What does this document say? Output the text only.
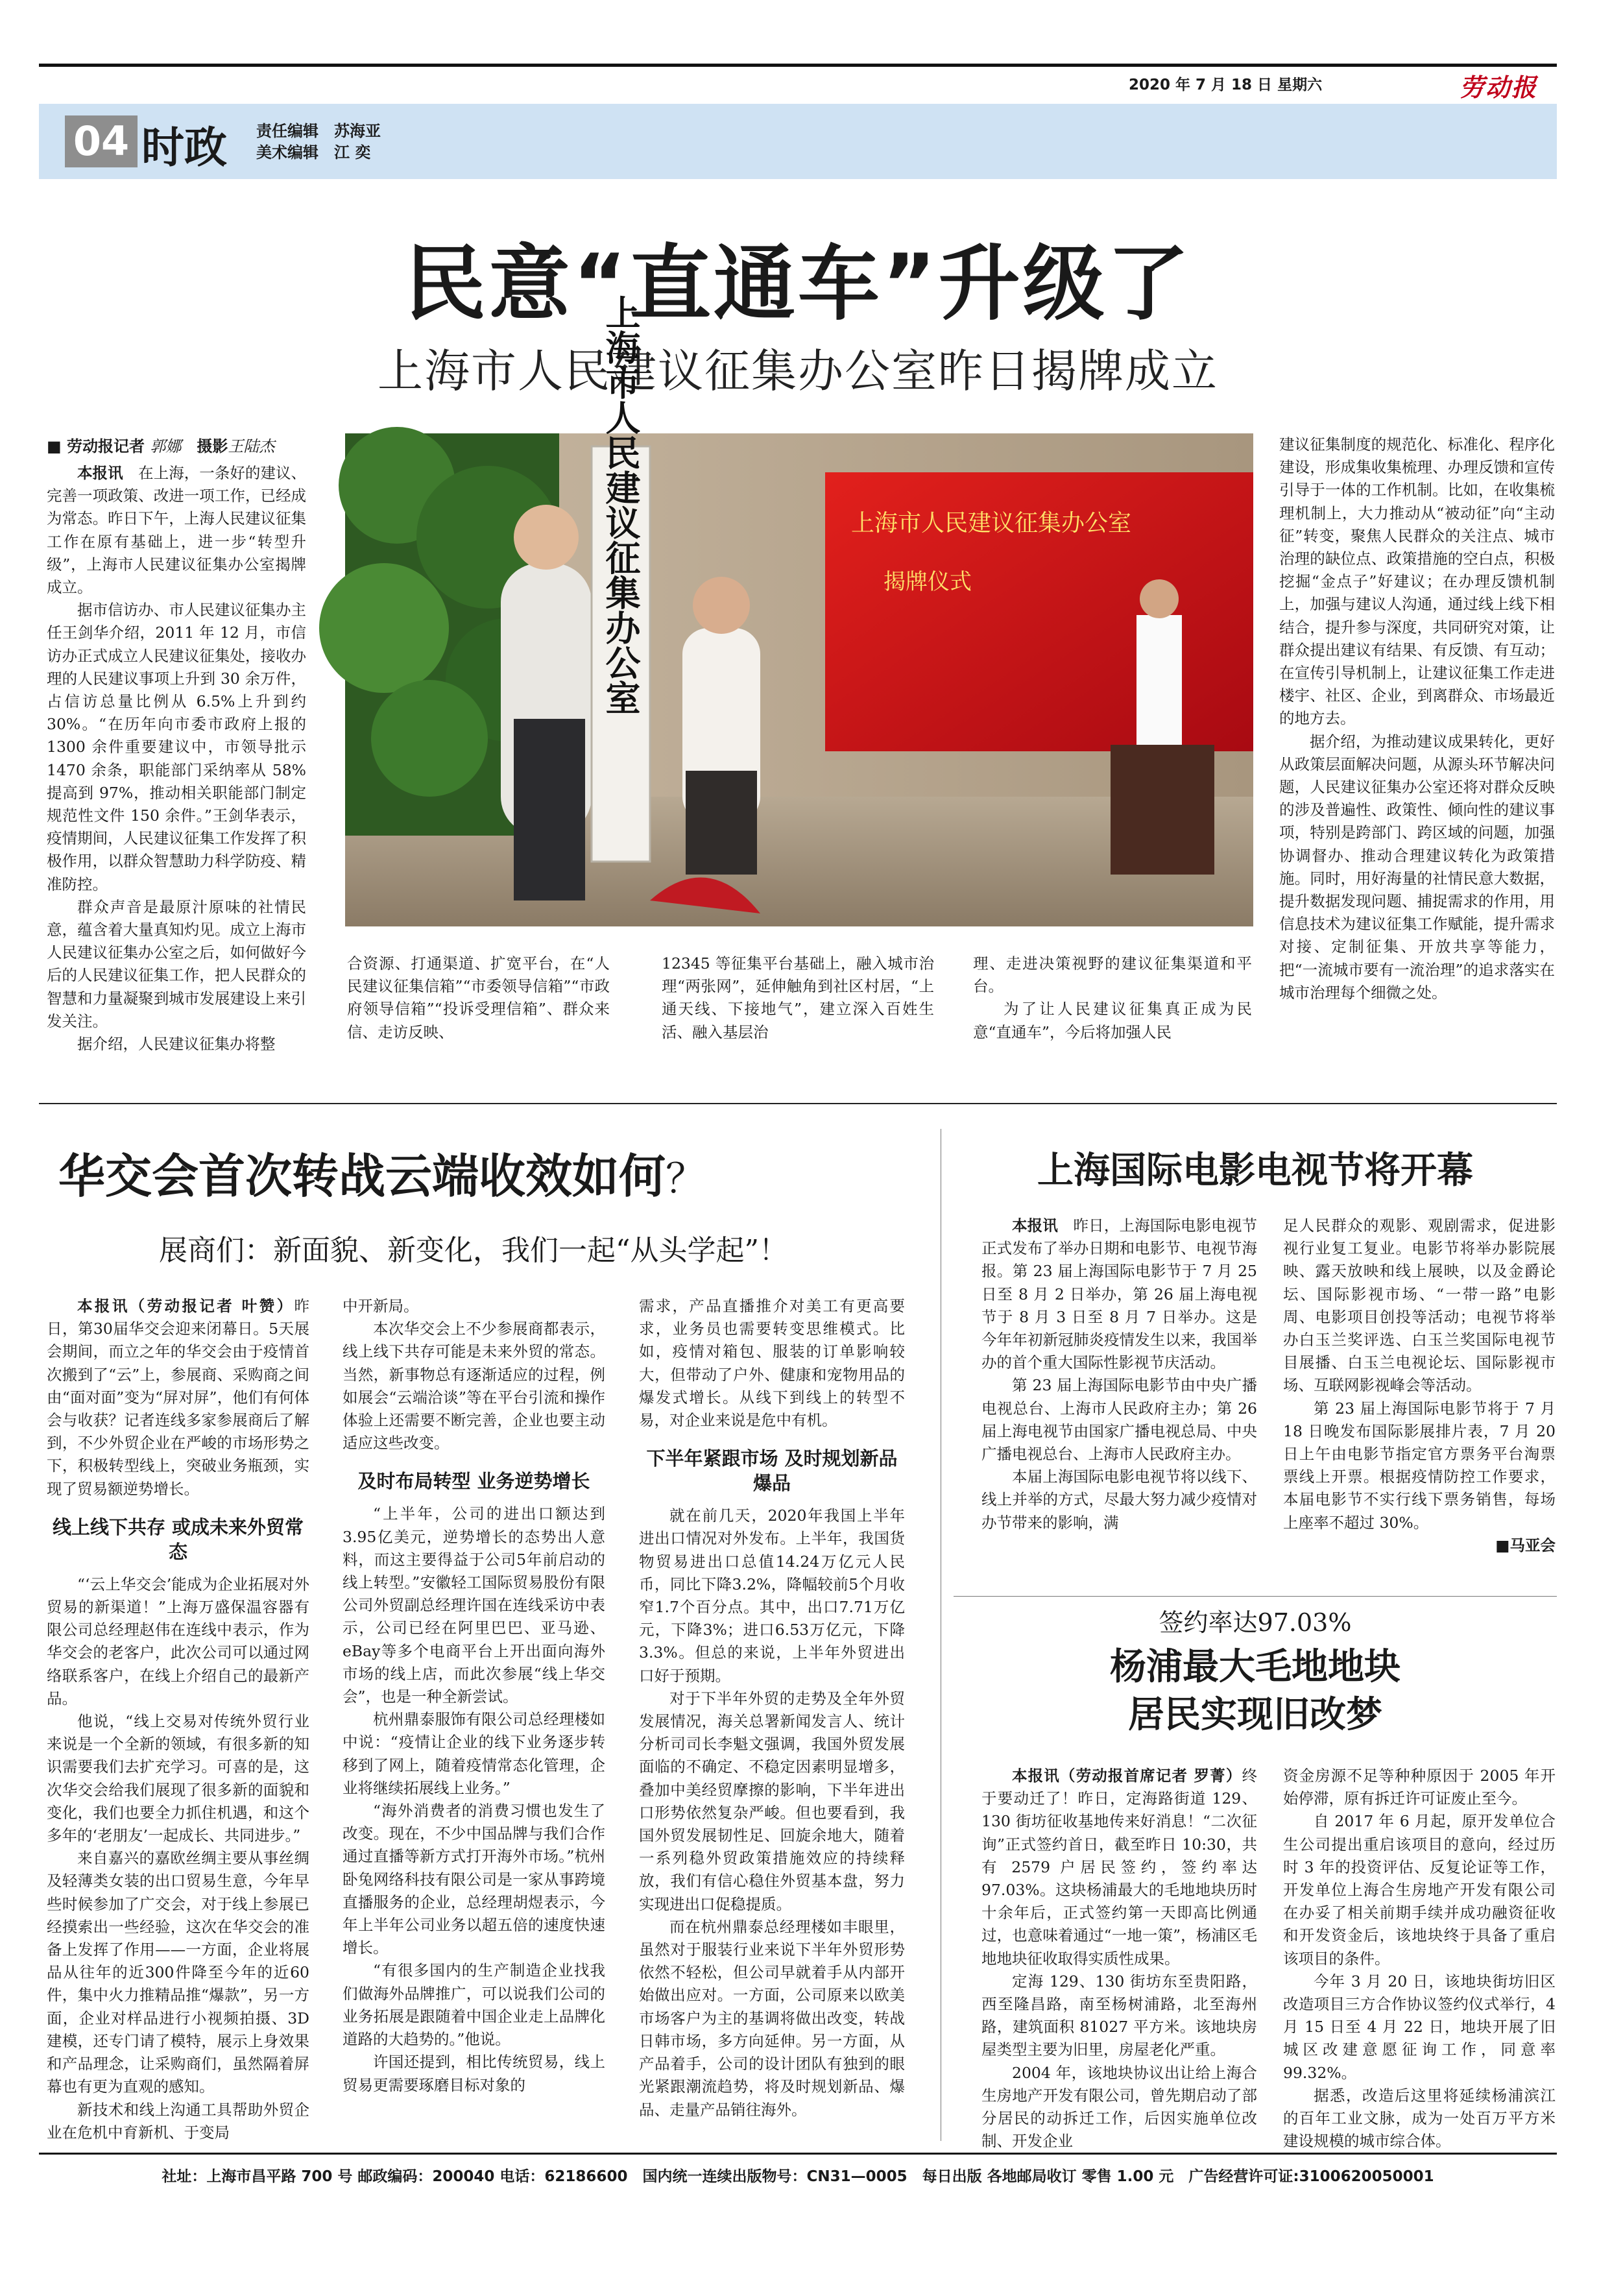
2020 年 7 月 18 日 星期六	劳动报
04 时政 责任编辑　 苏海亚
美术编辑　 江 奕
民意“直通车”升级了
上海市人民建议征集办公室昨日揭牌成立
■ 劳动报记者 郭娜　 摄影王陆杰

本报讯　 在上海，一条好的建议、完善一项政策、改进一项工作，已经成为常态。昨日下午，上海人民建议征集工作在原有基础上，进一步“转型升级”，上海市人民建议征集办公室揭牌成立。

据市信访办、市人民建议征集办主任王剑华介绍，2011 年 12 月，市信访办正式成立人民建议征集处，接收办理的人民建议事项上升到 30 余万件，占信访总量比例从 6.5%上升到约 30%。“在历年向市委市政府上报的 1300 余件重要建议中，市领导批示 1470 余条，职能部门采纳率从 58%提高到 97%，推动相关职能部门制定规范性文件 150 余件。”王剑华表示，疫情期间，人民建议征集工作发挥了积极作用，以群众智慧助力科学防疫、精准防控。

群众声音是最原汁原味的社情民意，蕴含着大量真知灼见。成立上海市人民建议征集办公室之后，如何做好今后的人民建议征集工作，把人民群众的智慧和力量凝聚到城市发展建设上来引发关注。

据介绍，人民建议征集办将整

上海市人民建议征集办公室	上海市人民建议征集办公室
揭牌仪式

合资源、打通渠道、扩宽平台，在“人民建议征集信箱”“市委领导信箱”“市政府领导信箱”“投诉受理信箱”、群众来信、走访反映、

12345 等征集平台基础上，融入城市治理“两张网”，延伸触角到社区村居，“上通天线、下接地气”，建立深入百姓生活、融入基层治

理、走进决策视野的建议征集渠道和平台。

为了让人民建议征集真正成为民意“直通车”，今后将加强人民

建议征集制度的规范化、标准化、程序化建设，形成集收集梳理、办理反馈和宣传引导于一体的工作机制。比如，在收集梳理机制上，大力推动从“被动征”向“主动征”转变，聚焦人民群众的关注点、城市治理的缺位点、政策措施的空白点，积极挖掘“金点子”好建议；在办理反馈机制上，加强与建议人沟通，通过线上线下相结合，提升参与深度，共同研究对策，让群众提出建议有结果、有反馈、有互动；在宣传引导机制上，让建议征集工作走进楼宇、社区、企业，到离群众、市场最近的地方去。

据介绍，为推动建议成果转化，更好从政策层面解决问题，从源头环节解决问题，人民建议征集办公室还将对群众反映的涉及普遍性、政策性、倾向性的建议事项，特别是跨部门、跨区域的问题，加强协调督办、推动合理建议转化为政策措施。同时，用好海量的社情民意大数据，提升数据发现问题、捕捉需求的作用，用信息技术为建议征集工作赋能，提升需求对接、定制征集、开放共享等能力，把“一流城市要有一流治理”的追求落实在城市治理每个细微之处。

华交会首次转战云端收效如何？
展商们：新面貌、新变化，我们一起“从头学起”！

本报讯（劳动报记者 叶赞）昨日，第30届华交会迎来闭幕日。5天展会期间，而立之年的华交会由于疫情首次搬到了“云”上，参展商、采购商之间由“面对面”变为“屏对屏”，他们有何体会与收获？记者连线多家参展商后了解到，不少外贸企业在严峻的市场形势之下，积极转型线上，突破业务瓶颈，实现了贸易额逆势增长。

线上线下共存 或成未来外贸常态

“‘云上华交会’能成为企业拓展对外贸易的新渠道！”上海万盛保温容器有限公司总经理赵伟在连线中表示，作为华交会的老客户，此次公司可以通过网络联系客户，在线上介绍自己的最新产品。

他说，“线上交易对传统外贸行业来说是一个全新的领域，有很多新的知识需要我们去扩充学习。可喜的是，这次华交会给我们展现了很多新的面貌和变化，我们也要全力抓住机遇，和这个多年的‘老朋友’一起成长、共同进步。”

来自嘉兴的嘉欧丝绸主要从事丝绸及轻薄类女装的出口贸易生意，今年早些时候参加了广交会，对于线上参展已经摸索出一些经验，这次在华交会的准备上发挥了作用——一方面，企业将展品从往年的近300件降至今年的近60件，集中火力推精品推“爆款”，另一方面，企业对样品进行小视频拍摄、3D建模，还专门请了模特，展示上身效果和产品理念，让采购商们，虽然隔着屏幕也有更为直观的感知。

新技术和线上沟通工具帮助外贸企业在危机中育新机、于变局

中开新局。

本次华交会上不少参展商都表示，线上线下共存可能是未来外贸的常态。当然，新事物总有逐渐适应的过程，例如展会“云端洽谈”等在平台引流和操作体验上还需要不断完善，企业也要主动适应这些改变。

及时布局转型 业务逆势增长

“上半年，公司的进出口额达到3.95亿美元，逆势增长的态势出人意料，而这主要得益于公司5年前启动的线上转型。”安徽轻工国际贸易股份有限公司外贸副总经理许国在连线采访中表示，公司已经在阿里巴巴、亚马逊、eBay等多个电商平台上开出面向海外市场的线上店，而此次参展“线上华交会”，也是一种全新尝试。

杭州鼎泰服饰有限公司总经理楼如中说：“疫情让企业的线下业务逐步转移到了网上，随着疫情常态化管理，企业将继续拓展线上业务。”

“海外消费者的消费习惯也发生了改变。现在，不少中国品牌与我们合作通过直播等新方式打开海外市场。”杭州卧兔网络科技有限公司是一家从事跨境直播服务的企业，总经理胡煜表示，今年上半年公司业务以超五倍的速度快速增长。

“有很多国内的生产制造企业找我们做海外品牌推广，可以说我们公司的业务拓展是跟随着中国企业走上品牌化道路的大趋势的。”他说。

许国还提到，相比传统贸易，线上贸易更需要琢磨目标对象的

需求，产品直播推介对美工有更高要求，业务员也需要转变思维模式。比如，疫情对箱包、服装的订单影响较大，但带动了户外、健康和宠物用品的爆发式增长。从线下到线上的转型不易，对企业来说是危中有机。

下半年紧跟市场 及时规划新品爆品

就在前几天，2020年我国上半年进出口情况对外发布。上半年，我国货物贸易进出口总值14.24万亿元人民币，同比下降3.2%，降幅较前5个月收窄1.7个百分点。其中，出口7.71万亿元，下降3%；进口6.53万亿元，下降3.3%。但总的来说，上半年外贸进出口好于预期。

对于下半年外贸的走势及全年外贸发展情况，海关总署新闻发言人、统计分析司司长李魁文强调，我国外贸发展面临的不确定、不稳定因素明显增多，叠加中美经贸摩擦的影响，下半年进出口形势依然复杂严峻。但也要看到，我国外贸发展韧性足、回旋余地大，随着一系列稳外贸政策措施效应的持续释放，我们有信心稳住外贸基本盘，努力实现进出口促稳提质。

而在杭州鼎泰总经理楼如丰眼里，虽然对于服装行业来说下半年外贸形势依然不轻松，但公司早就着手从内部开始做出应对。一方面，公司原来以欧美市场客户为主的基调将做出改变，转战日韩市场，多方向延伸。另一方面，从产品着手，公司的设计团队有独到的眼光紧跟潮流趋势，将及时规划新品、爆品、走量产品销往海外。

上海国际电影电视节将开幕

本报讯　 昨日，上海国际电影电视节正式发布了举办日期和电影节、电视节海报。第 23 届上海国际电影节于 7 月 25 日至 8 月 2 日举办，第 26 届上海电视节于 8 月 3 日至 8 月 7 日举办。这是今年年初新冠肺炎疫情发生以来，我国举办的首个重大国际性影视节庆活动。

第 23 届上海国际电影节由中央广播电视总台、上海市人民政府主办；第 26 届上海电视节由国家广播电视总局、中央广播电视总台、上海市人民政府主办。

本届上海国际电影电视节将以线下、线上并举的方式，尽最大努力减少疫情对办节带来的影响，满

足人民群众的观影、观剧需求，促进影视行业复工复业。电影节将举办影院展映、露天放映和线上展映，以及金爵论坛、国际影视市场、“一带一路”电影周、电影项目创投等活动；电视节将举办白玉兰奖评选、白玉兰奖国际电视节目展播、白玉兰电视论坛、国际影视市场、互联网影视峰会等活动。

第 23 届上海国际电影节将于 7 月 18 日晚发布国际影展排片表，7 月 20 日上午由电影节指定官方票务平台淘票票线上开票。根据疫情防控工作要求，本届电影节不实行线下票务销售，每场上座率不超过 30%。

■马亚会
签约率达97.03%
杨浦最大毛地地块
居民实现旧改梦

本报讯（劳动报首席记者 罗菁）终于要动迁了！昨日，定海路街道 129、130 街坊征收基地传来好消息！“二次征询”正式签约首日，截至昨日 10:30，共有 2579 户居民签约，签约率达 97.03%。这块杨浦最大的毛地地块历时十余年后，正式签约第一天即高比例通过，也意味着通过“一地一策”，杨浦区毛地地块征收取得实质性成果。

定海 129、130 街坊东至贵阳路，西至隆昌路，南至杨树浦路，北至海州路，建筑面积 81027 平方米。该地块房屋类型主要为旧里，房屋老化严重。

2004 年，该地块协议出让给上海合生房地产开发有限公司，曾先期启动了部分居民的动拆迁工作，后因实施单位改制、开发企业

资金房源不足等种种原因于 2005 年开始停滞，原有拆迁许可证废止至今。

自 2017 年 6 月起，原开发单位合生公司提出重启该项目的意向，经过历时 3 年的投资评估、反复论证等工作，开发单位上海合生房地产开发有限公司在办妥了相关前期手续并成功融资征收和开发资金后，该地块终于具备了重启该项目的条件。

今年 3 月 20 日，该地块街坊旧区改造项目三方合作协议签约仪式举行，4 月 15 日至 4 月 22 日，地块开展了旧城区改建意愿征询工作，同意率 99.32%。

据悉，改造后这里将延续杨浦滨江的百年工业文脉，成为一处百万平方米建设规模的城市综合体。

社址：上海市昌平路 700 号 邮政编码：200040 电话：62186600　国内统一连续出版物号：CN31—0005　每日出版 各地邮局收订 零售 1.00 元　广告经营许可证:3100620050001
